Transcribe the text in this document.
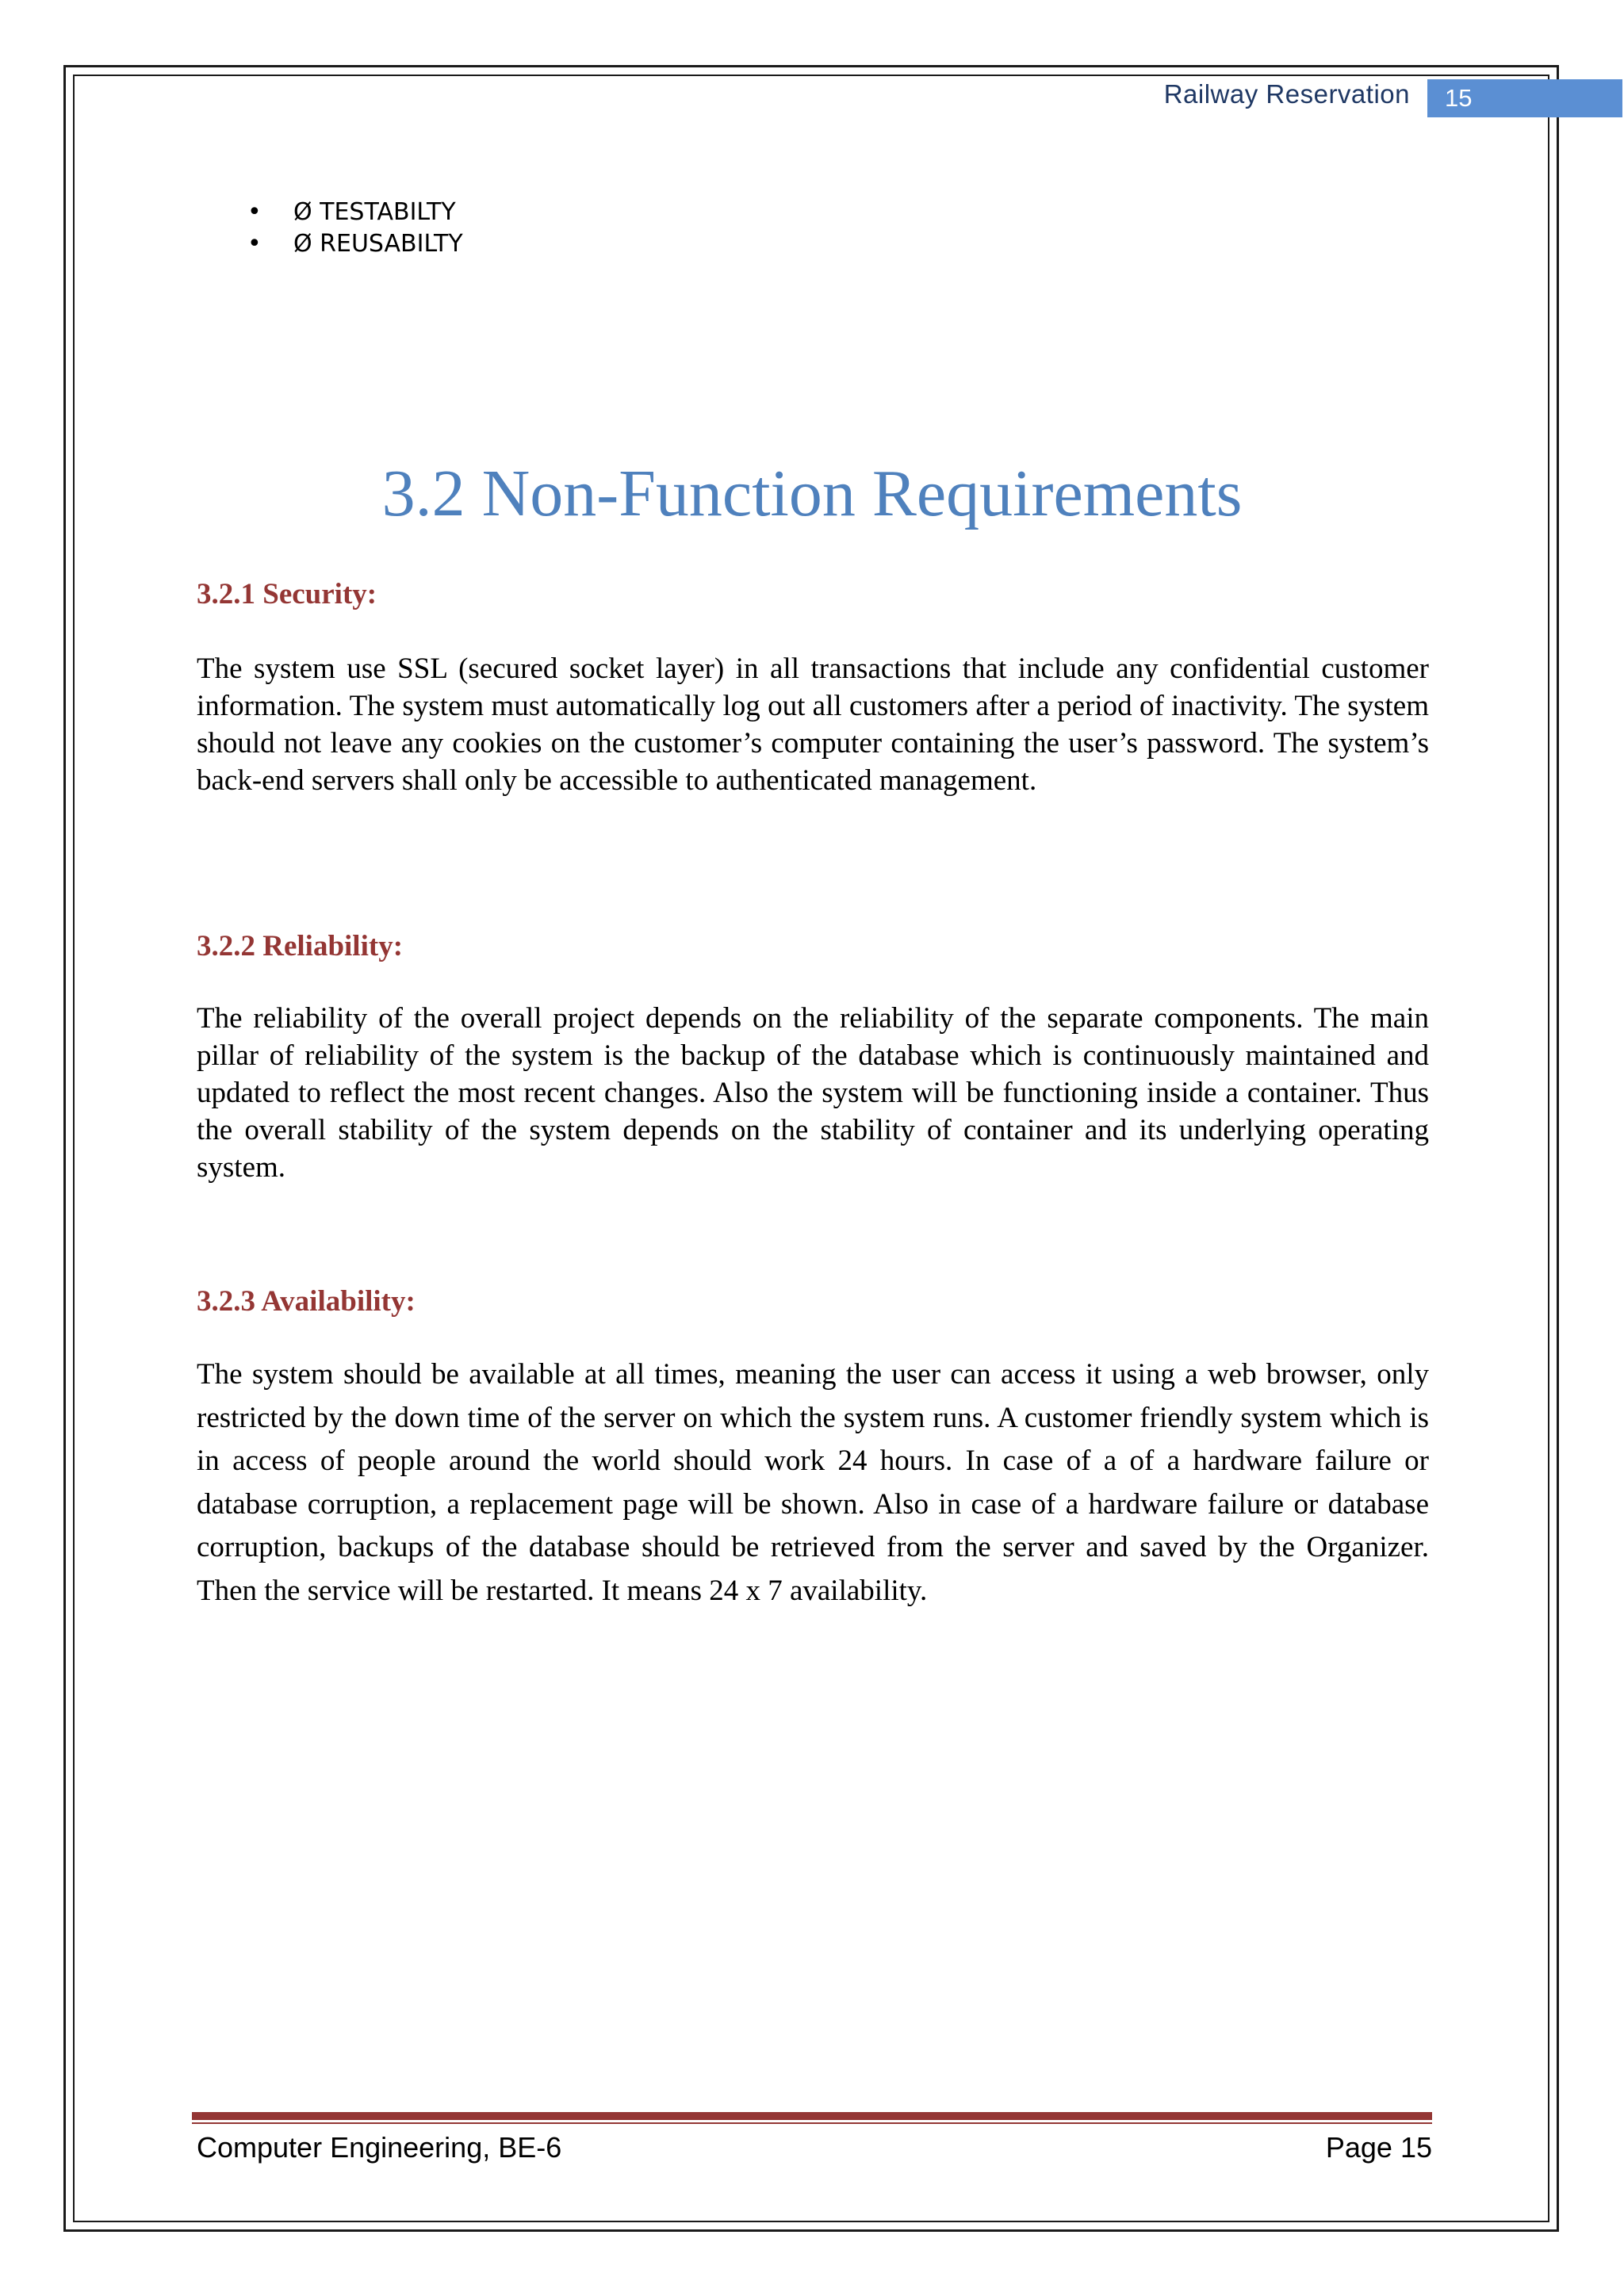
Railway Reservation	15
• Ø TESTABILTY
• Ø REUSABILTY
3.2 Non-Function Requirements
3.2.1 Security:

The system use SSL (secured socket layer) in all transactions that include any confidential customer information. The system must automatically log out all customers after a period of inactivity. The system should not leave any cookies on the customer’s computer containing the user’s password. The system’s back-end servers shall only be accessible to authenticated management.

3.2.2 Reliability:

The reliability of the overall project depends on the reliability of the separate components. The main pillar of reliability of the system is the backup of the database which is continuously maintained and updated to reflect the most recent changes. Also the system will be functioning inside a container. Thus the overall stability of the system depends on the stability of container and its underlying operating system.

3.2.3 Availability:

The system should be available at all times, meaning the user can access it using a web browser, only restricted by the down time of the server on which the system runs. A customer friendly system which is in access of people around the world should work 24 hours. In case of a of a hardware failure or database corruption, a replacement page will be shown. Also in case of a hardware failure or database corruption, backups of the database should be retrieved from the server and saved by the Organizer. Then the service will be restarted. It means 24 x 7 availability.

Computer Engineering, BE-6	Page 15
